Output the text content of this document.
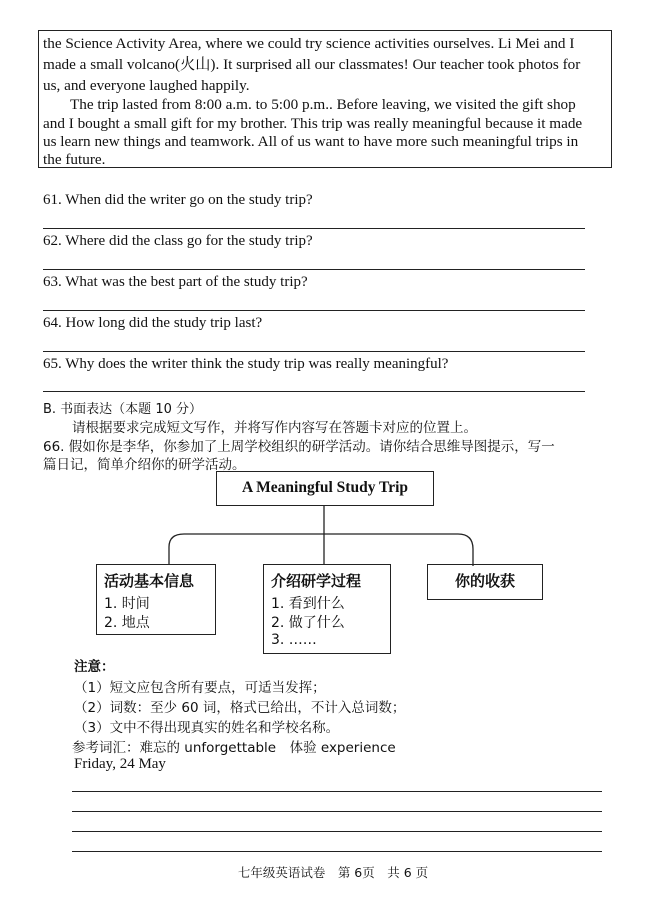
the Science Activity Area, where we could try science activities ourselves. Li Mei and I
made a small volcano(火山). It surprised all our classmates! Our teacher took photos for
us, and everyone laughed happily.
The trip lasted from 8:00 a.m. to 5:00 p.m.. Before leaving, we visited the gift shop
and I bought a small gift for my brother. This trip was really meaningful because it made
us learn new things and teamwork. All of us want to have more such meaningful trips in
the future.
61. When did the writer go on the study trip?
62. Where did the class go for the study trip?
63. What was the best part of the study trip?
64. How long did the study trip last?
65. Why does the writer think the study trip was really meaningful?
B. 书面表达（本题 10 分）
请根据要求完成短文写作，并将写作内容写在答题卡对应的位置上。
66. 假如你是李华，你参加了上周学校组织的研学活动。请你结合思维导图提示，写一
篇日记，简单介绍你的研学活动。
A Meaningful Study Trip
活动基本信息
1. 时间
2. 地点
介绍研学过程
1. 看到什么
2. 做了什么
3. ……
你的收获
注意：
（1）短文应包含所有要点，可适当发挥；
（2）词数：至少 60 词，格式已给出，不计入总词数；
（3）文中不得出现真实的姓名和学校名称。
参考词汇：难忘的 unforgettable　体验 experience
Friday, 24 May
七年级英语试卷　第 6页　共 6 页
